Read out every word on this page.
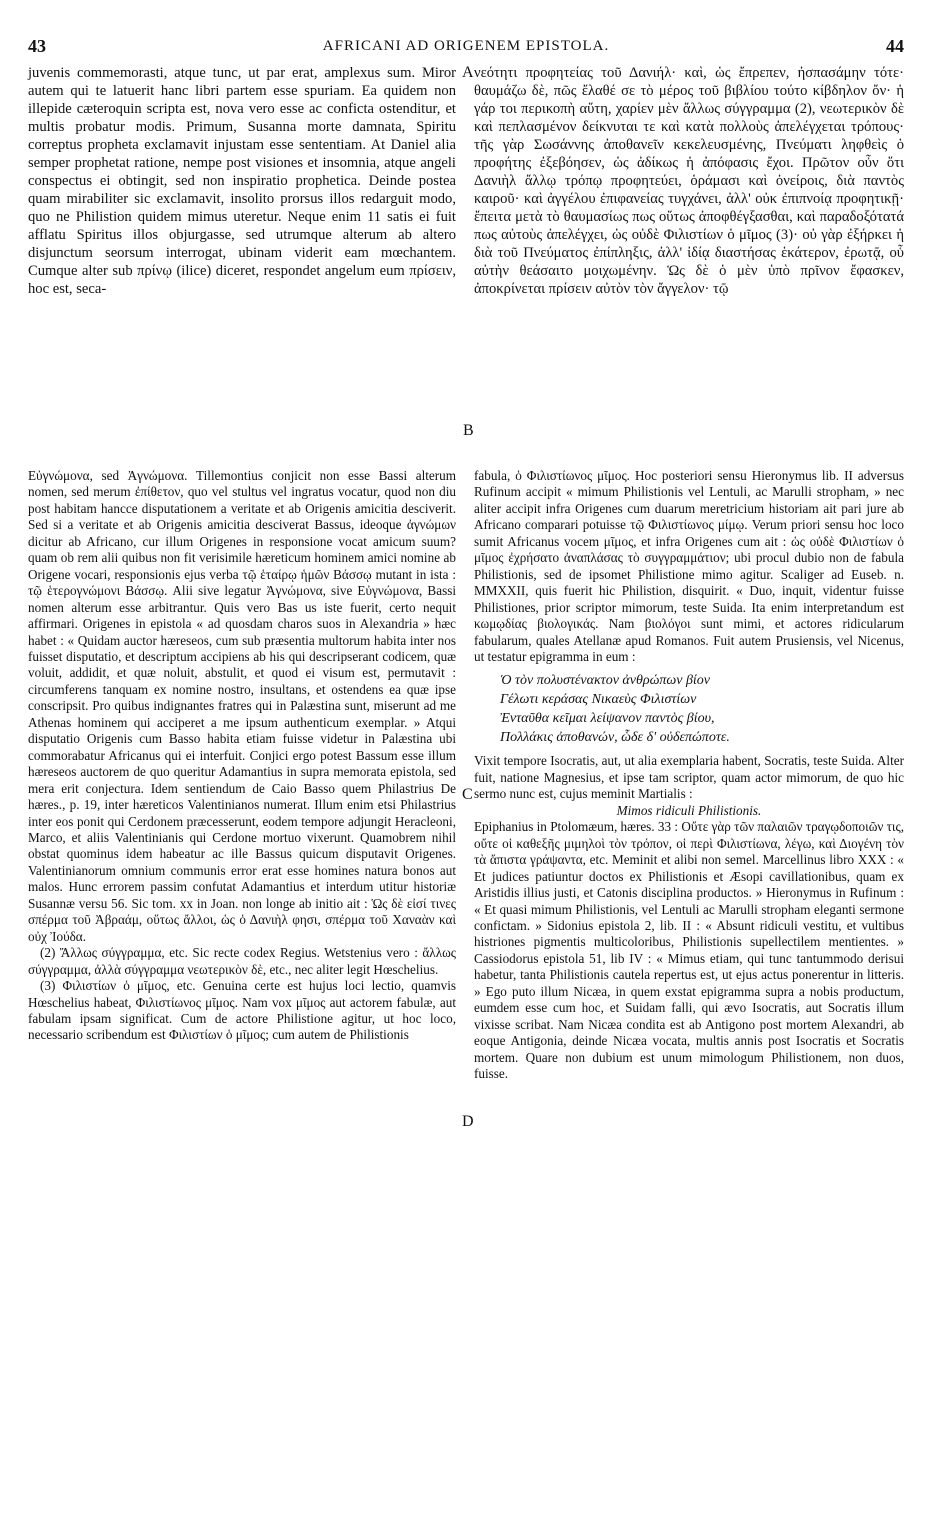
43	AFRICANI AD ORIGENEM EPISTOLA.	44

juvenis commemorasti, atque tunc, ut par erat, amplexus sum. Miror autem qui te latuerit hanc libri partem esse spuriam. Ea quidem non illepide cæteroquin scripta est, nova vero esse ac conficta ostenditur, et multis probatur modis. Primum, Susanna morte damnata, Spiritu correptus propheta exclamavit injustam esse sententiam. At Daniel alia semper prophetat ratione, nempe post visiones et insomnia, atque angeli conspectus ei obtingit, sed non inspiratio prophetica. Deinde postea quam mirabiliter sic exclamavit, insolito prorsus illos redarguit modo, quo ne Philistion quidem mimus uteretur. Neque enim 11 satis ei fuit afflatu Spiritus illos objurgasse, sed utrumque alterum ab altero disjunctum seorsum interrogat, ubinam viderit eam mœchantem. Cumque alter sub πρίνῳ (ilice) diceret, respondet angelum eum πρίσειν, hoc est, seca-

A
B
C
D

νεότητι προφητείας τοῦ Δανιήλ· καὶ, ὡς ἔπρεπεν, ἠσπασάμην τότε· θαυμάζω δὲ, πῶς ἔλαθέ σε τὸ μέρος τοῦ βιβλίου τούτο κίβδηλον ὄν· ἡ γάρ τοι περικοπὴ αὕτη, χαρίεν μὲν ἄλλως σύγγραμμα (2), νεωτερικὸν δὲ καὶ πεπλασμένον δείκνυται τε καὶ κατὰ πολλοὺς ἀπελέγχεται τρόπους· τῆς γὰρ Σωσάννης ἀποθανεῖν κεκελευσμένης, Πνεύματι ληφθεὶς ὁ προφήτης ἐξεβόησεν, ὡς ἀδίκως ἡ ἀπόφασις ἔχοι. Πρῶτον οὖν ὅτι Δανιὴλ ἄλλῳ τρόπῳ προφητεύει, ὁράμασι καὶ ὀνείροις, διὰ παντὸς καιροῦ· καὶ ἀγγέλου ἐπιφανείας τυγχάνει, ἀλλ' οὐκ ἐπιπνοίᾳ προφητικῇ· ἔπειτα μετὰ τὸ θαυμασίως πως οὕτως ἀποφθέγξασθαι, καὶ παραδοξότατά πως αὐτοὺς ἀπελέγχει, ὡς οὐδὲ Φιλιστίων ὁ μῖμος (3)· οὐ γὰρ ἐξήρκει ἡ διὰ τοῦ Πνεύματος ἐπίπληξις, ἀλλ' ἰδίᾳ διαστήσας ἑκάτερον, ἐρωτᾷ, οὗ αὐτὴν θεάσαιτο μοιχωμένην. Ὡς δὲ ὁ μὲν ὑπὸ πρῖνον ἔφασκεν, ἀποκρίνεται πρίσειν αὐτὸν τὸν ἄγγελον· τῷ

Εὐγνώμονα, sed Ἀγνώμονα. Tillemontius conjicit non esse Bassi alterum nomen, sed merum ἐπίθετον, quo vel stultus vel ingratus vocatur, quod non diu post habitam hancce disputationem a veritate et ab Origenis amicitia desciverit. Sed si a veritate et ab Origenis amicitia desciverat Bassus, ideoque ἀγνώμων dicitur ab Africano, cur illum Origenes in responsione vocat amicum suum? quam ob rem alii quibus non fit verisimile hæreticum hominem amici nomine ab Origene vocari, responsionis ejus verba τῷ ἑταίρῳ ἡμῶν Βάσσῳ mutant in ista : τῷ ἑτερογνώμονι Βάσσῳ. Alii sive legatur Ἀγνώμονα, sive Εὐγνώμονα, Bassi nomen alterum esse arbitrantur. Quis vero Bas us iste fuerit, certo nequit affirmari. Origenes in epistola « ad quosdam charos suos in Alexandria » hæc habet : « Quidam auctor hæreseos, cum sub præsentia multorum habita inter nos fuisset disputatio, et descriptum accipiens ab his qui descripserant codicem, quæ voluit, addidit, et quæ noluit, abstulit, et quod ei visum est, permutavit : circumferens tanquam ex nomine nostro, insultans, et ostendens ea quæ ipse conscripsit. Pro quibus indignantes fratres qui in Palæstina sunt, miserunt ad me Athenas hominem qui acciperet a me ipsum authenticum exemplar. » Atqui disputatio Origenis cum Basso habita etiam fuisse videtur in Palæstina ubi commorabatur Africanus qui ei interfuit. Conjici ergo potest Bassum esse illum hæreseos auctorem de quo queritur Adamantius in supra memorata epistola, sed mera erit conjectura. Idem sentiendum de Caio Basso quem Philastrius De hæres., p. 19, inter hæreticos Valentinianos numerat. Illum enim etsi Philastrius inter eos ponit qui Cerdonem præcesserunt, eodem tempore adjungit Heracleoni, Marco, et aliis Valentinianis qui Cerdone mortuo vixerunt. Quamobrem nihil obstat quominus idem habeatur ac ille Bassus quicum disputavit Origenes. Valentinianorum omnium communis error erat esse homines natura bonos aut malos. Hunc errorem passim confutat Adamantius et interdum utitur historiæ Susannæ versu 56. Sic tom. xx in Joan. non longe ab initio ait : Ὡς δὲ εἰσί τινες σπέρμα τοῦ Ἀβραάμ, οὕτως ἄλλοι, ὡς ὁ Δανιὴλ φησι, σπέρμα τοῦ Χαναὰν καὶ οὐχ Ἰούδα.

(2) Ἄλλως σύγγραμμα, etc. Sic recte codex Regius. Wetstenius vero : ἄλλως σύγγραμμα, ἀλλὰ σύγγραμμα νεωτερικὸν δὲ, etc., nec aliter legit Hœschelius.

(3) Φιλιστίων ὁ μῖμος, etc. Genuina certe est hujus loci lectio, quamvis Hœschelius habeat, Φιλιστίωνος μῖμος. Nam vox μῖμος aut actorem fabulæ, aut fabulam ipsam significat. Cum de actore Philistione agitur, ut hoc loco, necessario scribendum est Φιλιστίων ὁ μῖμος; cum autem de Philistionis

fabula, ὁ Φιλιστίωνος μῖμος. Hoc posteriori sensu Hieronymus lib. II adversus Rufinum accipit « mimum Philistionis vel Lentuli, ac Marulli stropham, » nec aliter accipit infra Origenes cum duarum meretricium historiam ait pari jure ab Africano comparari potuisse τῷ Φιλιστίωνος μίμῳ. Verum priori sensu hoc loco sumit Africanus vocem μῖμος, et infra Origenes cum ait : ὡς οὐδὲ Φιλιστίων ὁ μῖμος ἐχρήσατο ἀναπλάσας τὸ συγγραμμάτιον; ubi procul dubio non de fabula Philistionis, sed de ipsomet Philistione mimo agitur. Scaliger ad Euseb. n. MMXXII, quis fuerit hic Philistion, disquirit. « Duo, inquit, videntur fuisse Philistiones, prior scriptor mimorum, teste Suida. Ita enim interpretandum est κωμῳδίας βιολογικάς. Nam βιολόγοι sunt mimi, et actores ridicularum fabularum, quales Atellanæ apud Romanos. Fuit autem Prusiensis, vel Nicenus, ut testatur epigramma in eum :

Ὁ τὸν πολυστένακτον ἀνθρώπων βίον
Γέλωτι κεράσας Νικαεὺς Φιλιστίων
Ἐνταῦθα κεῖμαι λείψανον παντὸς βίου,
Πολλάκις ἀποθανών, ὧδε δ' οὐδεπώποτε.

Vixit tempore Isocratis, aut, ut alia exemplaria habent, Socratis, teste Suida. Alter fuit, natione Magnesius, et ipse tam scriptor, quam actor mimorum, de quo hic sermo nunc est, cujus meminit Martialis :

Mimos ridiculi Philistionis.

Epiphanius in Ptolomæum, hæres. 33 : Οὔτε γὰρ τῶν παλαιῶν τραγῳδοποιῶν τις, οὔτε οἱ καθεξῆς μιμηλοὶ τὸν τρόπον, οἱ περὶ Φιλιστίωνα, λέγω, καὶ Διογένη τὸν τὰ ἄπιστα γράψαντα, etc. Meminit et alibi non semel. Marcellinus libro XXX : « Et judices patiuntur doctos ex Philistionis et Æsopi cavillationibus, quam ex Aristidis illius justi, et Catonis disciplina productos. » Hieronymus in Rufinum : « Et quasi mimum Philistionis, vel Lentuli ac Marulli stropham eleganti sermone confictam. » Sidonius epistola 2, lib. II : « Absunt ridiculi vestitu, et vultibus histriones pigmentis multicoloribus, Philistionis supellectilem mentientes. » Cassiodorus epistola 51, lib IV : « Mimus etiam, qui tunc tantummodo derisui habetur, tanta Philistionis cautela repertus est, ut ejus actus ponerentur in litteris. » Ego puto illum Nicæa, in quem exstat epigramma supra a nobis productum, eumdem esse cum hoc, et Suidam falli, qui ævo Isocratis, aut Socratis illum vixisse scribat. Nam Nicæa condita est ab Antigono post mortem Alexandri, ab eoque Antigonia, deinde Nicæa vocata, multis annis post Isocratis et Socratis mortem. Quare non dubium est unum mimologum Philistionem, non duos, fuisse.
